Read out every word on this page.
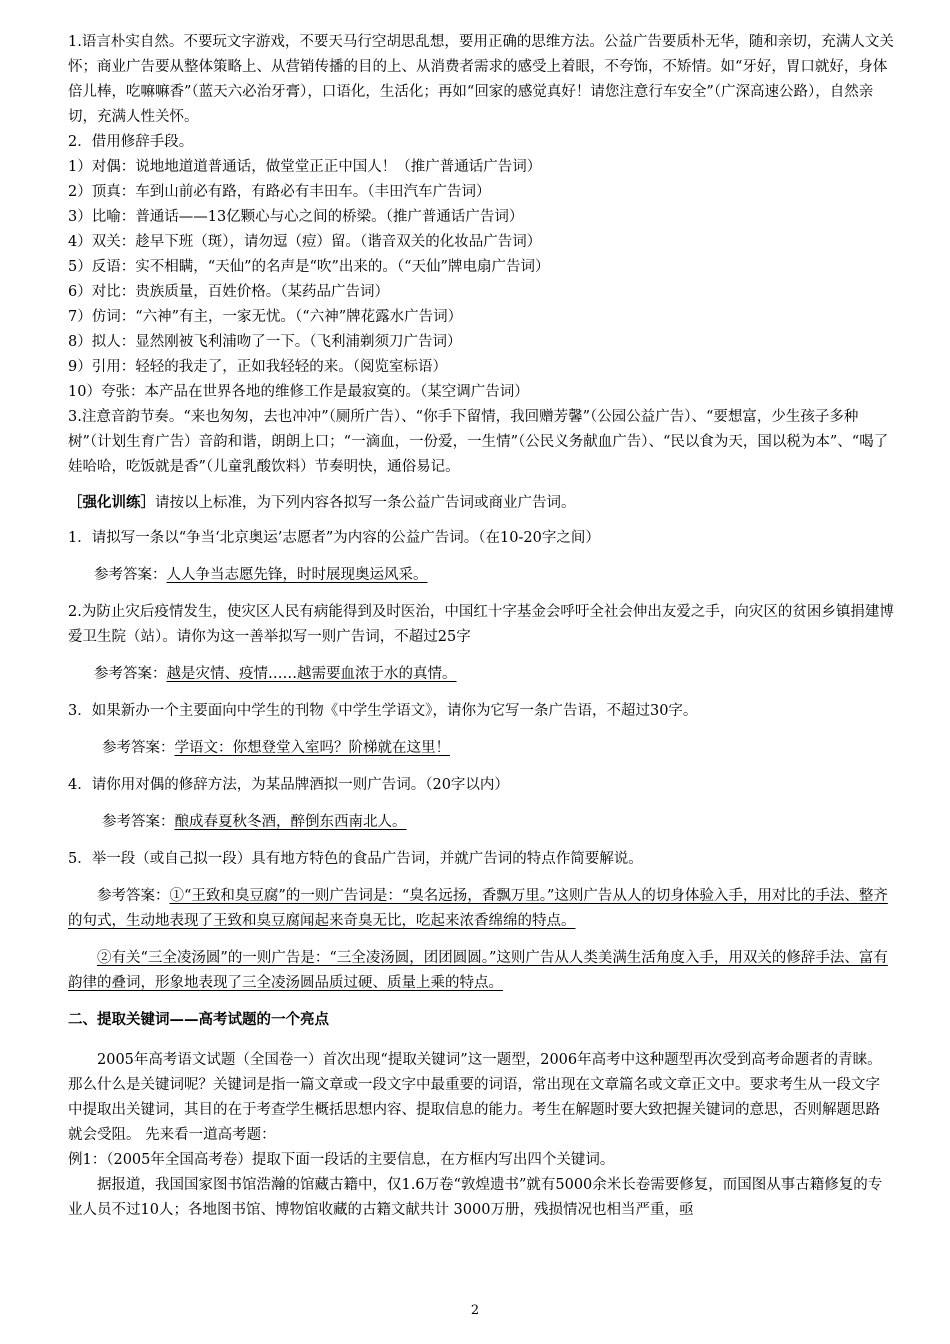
1.语言朴实自然。不要玩文字游戏，不要天马行空胡思乱想，要用正确的思维方法。公益广告要质朴无华，随和亲切，充满人文关怀；商业广告要从整体策略上、从营销传播的目的上、从消费者需求的感受上着眼，不夸饰，不矫情。如“牙好，胃口就好，身体倍儿棒，吃嘛嘛香”（蓝天六必治牙膏），口语化，生活化；再如“回家的感觉真好！请您注意行车安全”（广深高速公路），自然亲切，充满人性关怀。

2．借用修辞手段。

1）对偶：说地地道道普通话，做堂堂正正中国人！（推广普通话广告词）

2）顶真：车到山前必有路，有路必有丰田车。（丰田汽车广告词）

3）比喻：普通话——13亿颗心与心之间的桥梁。（推广普通话广告词）

4）双关：趁早下班（斑），请勿逗（痘）留。（谐音双关的化妆品广告词）

5）反语：实不相瞒，“天仙”的名声是“吹”出来的。（“天仙”牌电扇广告词）

6）对比：贵族质量，百姓价格。（某药品广告词）

7）仿词：“六神”有主，一家无忧。（“六神”牌花露水广告词）

8）拟人：显然刚被飞利浦吻了一下。（飞利浦剃须刀广告词）

9）引用：轻轻的我走了，正如我轻轻的来。（阅览室标语）

10）夸张：本产品在世界各地的维修工作是最寂寞的。（某空调广告词）

3.注意音韵节奏。“来也匆匆，去也冲冲”（厕所广告）、“你手下留情，我回赠芳馨”（公园公益广告）、“要想富，少生孩子多种树”（计划生育广告）音韵和谐，朗朗上口；“一滴血，一份爱，一生情”（公民义务献血广告）、“民以食为天，国以税为本”、“喝了娃哈哈，吃饭就是香”（儿童乳酸饮料）节奏明快，通俗易记。

［强化训练］请按以上标准，为下列内容各拟写一条公益广告词或商业广告词。

1．请拟写一条以“争当‘北京奥运’志愿者”为内容的公益广告词。（在10-20字之间）

参考答案：人人争当志愿先锋，时时展现奥运风采。

2.为防止灾后疫情发生，使灾区人民有病能得到及时医治，中国红十字基金会呼吁全社会伸出友爱之手，向灾区的贫困乡镇捐建博爱卫生院（站）。请你为这一善举拟写一则广告词，不超过25字

参考答案：越是灾情、疫情……越需要血浓于水的真情。

3．如果新办一个主要面向中学生的刊物《中学生学语文》，请你为它写一条广告语，不超过30字。

参考答案：学语文：你想登堂入室吗？阶梯就在这里！

4．请你用对偶的修辞方法，为某品牌酒拟一则广告词。（20字以内）

参考答案：酿成春夏秋冬酒，醉倒东西南北人。

5．举一段（或自己拟一段）具有地方特色的食品广告词，并就广告词的特点作简要解说。

参考答案：①“王致和臭豆腐”的一则广告词是：“臭名远扬，香飘万里。”这则广告从人的切身体验入手，用对比的手法、整齐的句式，生动地表现了王致和臭豆腐闻起来奇臭无比，吃起来浓香绵绵的特点。

②有关“三全凌汤圆”的一则广告是：“三全凌汤圆，团团圆圆。”这则广告从人类美满生活角度入手，用双关的修辞手法、富有韵律的叠词，形象地表现了三全凌汤圆品质过硬、质量上乘的特点。

二、提取关键词——高考试题的一个亮点

2005年高考语文试题（全国卷一）首次出现“提取关键词”这一题型，2006年高考中这种题型再次受到高考命题者的青睐。那么什么是关键词呢？关键词是指一篇文章或一段文字中最重要的词语，常出现在文章篇名或文章正文中。要求考生从一段文字中提取出关键词，其目的在于考查学生概括思想内容、提取信息的能力。考生在解题时要大致把握关键词的意思，否则解题思路就会受阻。 先来看一道高考题：

例1：（2005年全国高考卷）提取下面一段话的主要信息，在方框内写出四个关键词。

据报道，我国国家图书馆浩瀚的馆藏古籍中，仅1.6万卷“敦煌遗书”就有5000余米长卷需要修复，而国图从事古籍修复的专业人员不过10人；各地图书馆、博物馆收藏的古籍文献共计 3000万册，残损情况也相当严重，亟

2
